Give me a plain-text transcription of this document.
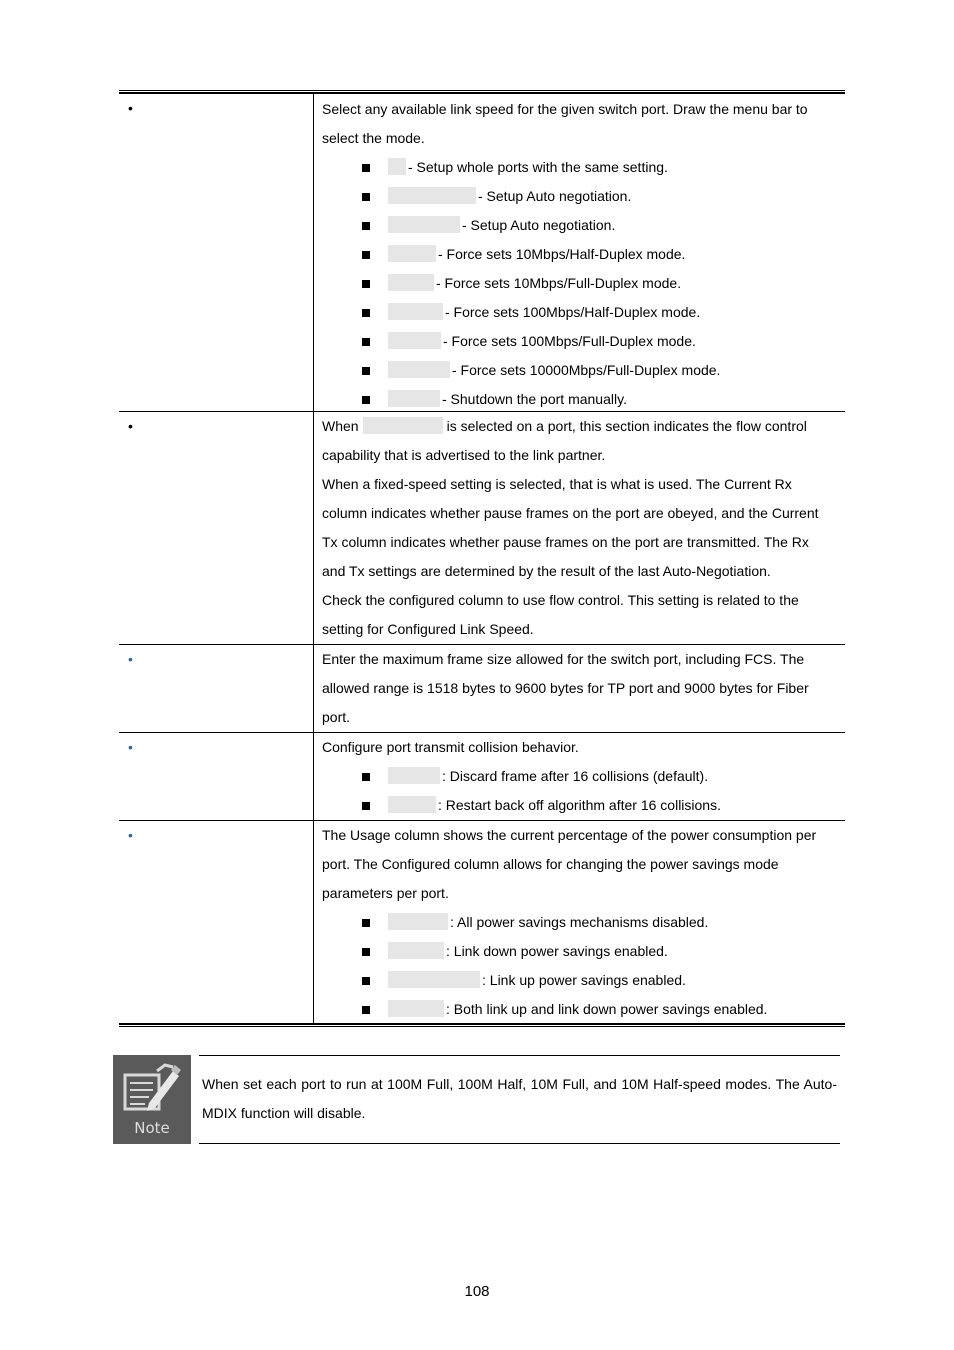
•	Select any available link speed for the given switch port. Draw the menu bar to
select the mode.
- Setup whole ports with the same setting.
- Setup Auto negotiation.
- Setup Auto negotiation.
- Force sets 10Mbps/Half-Duplex mode.
- Force sets 10Mbps/Full-Duplex mode.
- Force sets 100Mbps/Half-Duplex mode.
- Force sets 100Mbps/Full-Duplex mode.
- Force sets 10000Mbps/Full-Duplex mode.
- Shutdown the port manually.
•	When	is selected on a port, this section indicates the flow control
capability that is advertised to the link partner.
When a fixed-speed setting is selected, that is what is used. The Current Rx
column indicates whether pause frames on the port are obeyed, and the Current
Tx column indicates whether pause frames on the port are transmitted. The Rx
and Tx settings are determined by the result of the last Auto-Negotiation.
Check the configured column to use flow control. This setting is related to the
setting for Configured Link Speed.
•	Enter the maximum frame size allowed for the switch port, including FCS. The
allowed range is 1518 bytes to 9600 bytes for TP port and 9000 bytes for Fiber
port.
•	Configure port transmit collision behavior.
: Discard frame after 16 collisions (default).
: Restart back off algorithm after 16 collisions.
•	The Usage column shows the current percentage of the power consumption per
port. The Configured column allows for changing the power savings mode
parameters per port.
: All power savings mechanisms disabled.
: Link down power savings enabled.
: Link up power savings enabled.
: Both link up and link down power savings enabled.
Note
When set each port to run at 100M Full, 100M Half, 10M Full, and 10M Half-speed modes. The Auto-MDIX function will disable.
108
